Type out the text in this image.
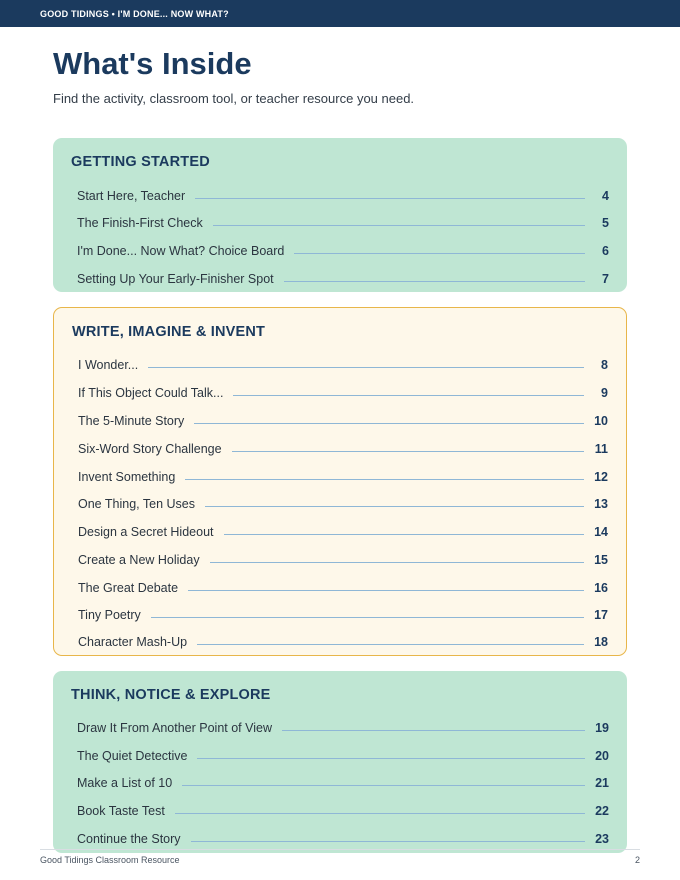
GOOD TIDINGS • I'M DONE... NOW WHAT?
What's Inside

Find the activity, classroom tool, or teacher resource you need.

GETTING STARTED
Start Here, Teacher	4
The Finish-First Check	5
I'm Done... Now What? Choice Board	6
Setting Up Your Early-Finisher Spot	7
WRITE, IMAGINE & INVENT
I Wonder...	8
If This Object Could Talk...	9
The 5-Minute Story	10
Six-Word Story Challenge	11
Invent Something	12
One Thing, Ten Uses	13
Design a Secret Hideout	14
Create a New Holiday	15
The Great Debate	16
Tiny Poetry	17
Character Mash-Up	18
THINK, NOTICE & EXPLORE
Draw It From Another Point of View	19
The Quiet Detective	20
Make a List of 10	21
Book Taste Test	22
Continue the Story	23
Good Tidings Classroom Resource	2
